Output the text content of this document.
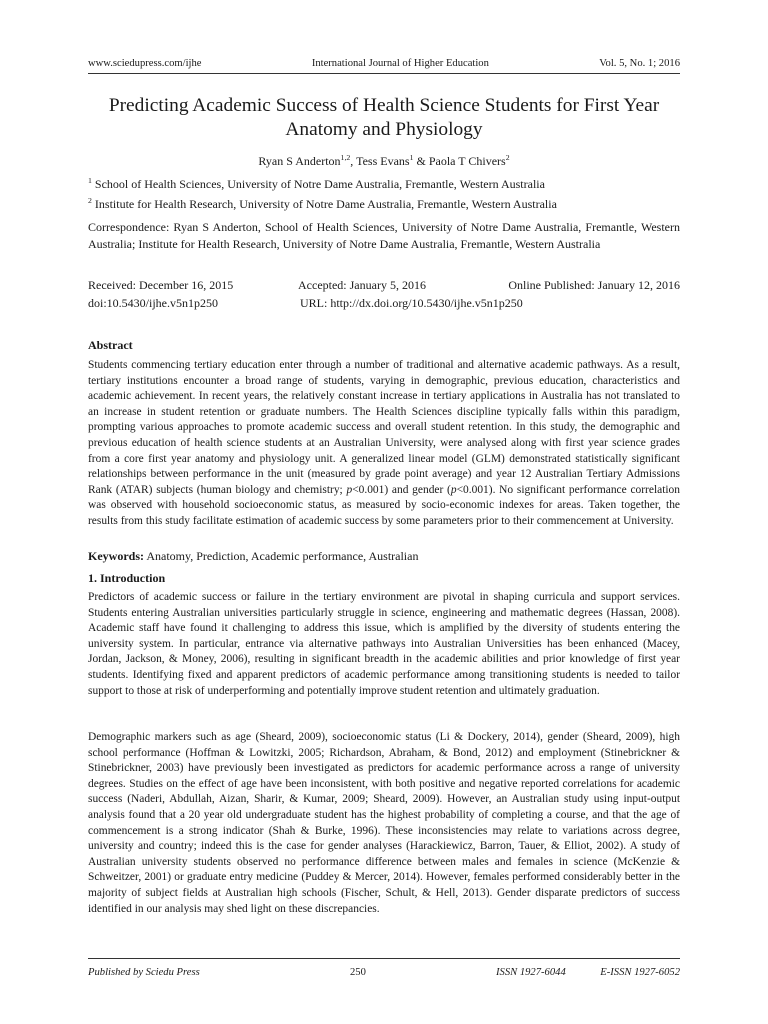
www.sciedupress.com/ijhe	International Journal of Higher Education	Vol. 5, No. 1; 2016
Predicting Academic Success of Health Science Students for First Year
Anatomy and Physiology
Ryan S Anderton$^{1,2}$, Tess Evans$^1$ & Paola T Chivers$^2$
$^1$ School of Health Sciences, University of Notre Dame Australia, Fremantle, Western Australia
$^2$ Institute for Health Research, University of Notre Dame Australia, Fremantle, Western Australia
Correspondence: Ryan S Anderton, School of Health Sciences, University of Notre Dame Australia, Fremantle, Western Australia; Institute for Health Research, University of Notre Dame Australia, Fremantle, Western Australia
Received: December 16, 2015	Accepted: January 5, 2016	Online Published: January 12, 2016
doi:10.5430/ijhe.v5n1p250	URL: http://dx.doi.org/10.5430/ijhe.v5n1p250
Abstract

Students commencing tertiary education enter through a number of traditional and alternative academic pathways. As a result, tertiary institutions encounter a broad range of students, varying in demographic, previous education, characteristics and academic achievement. In recent years, the relatively constant increase in tertiary applications in Australia has not translated to an increase in student retention or graduate numbers. The Health Sciences discipline typically falls within this paradigm, prompting various approaches to promote academic success and overall student retention. In this study, the demographic and previous education of health science students at an Australian University, were analysed along with first year science grades from a core first year anatomy and physiology unit. A generalized linear model (GLM) demonstrated statistically significant relationships between performance in the unit (measured by grade point average) and year 12 Australian Tertiary Admissions Rank (ATAR) subjects (human biology and chemistry; p<0.001) and gender (p<0.001). No significant performance correlation was observed with household socioeconomic status, as measured by socio-economic indexes for areas. Taken together, the results from this study facilitate estimation of academic success by some parameters prior to their commencement at University.

Keywords: Anatomy, Prediction, Academic performance, Australian
1. Introduction

Predictors of academic success or failure in the tertiary environment are pivotal in shaping curricula and support services. Students entering Australian universities particularly struggle in science, engineering and mathematic degrees (Hassan, 2008). Academic staff have found it challenging to address this issue, which is amplified by the diversity of students entering the university system. In particular, entrance via alternative pathways into Australian Universities has been enhanced (Macey, Jordan, Jackson, & Money, 2006), resulting in significant breadth in the academic abilities and prior knowledge of first year students. Identifying fixed and apparent predictors of academic performance among transitioning students is needed to tailor support to those at risk of underperforming and potentially improve student retention and ultimately graduation.

Demographic markers such as age (Sheard, 2009), socioeconomic status (Li & Dockery, 2014), gender (Sheard, 2009), high school performance (Hoffman & Lowitzki, 2005; Richardson, Abraham, & Bond, 2012) and employment (Stinebrickner & Stinebrickner, 2003) have previously been investigated as predictors for academic performance across a range of university degrees. Studies on the effect of age have been inconsistent, with both positive and negative reported correlations for academic success (Naderi, Abdullah, Aizan, Sharir, & Kumar, 2009; Sheard, 2009). However, an Australian study using input-output analysis found that a 20 year old undergraduate student has the highest probability of completing a course, and that the age of commencement is a strong indicator (Shah & Burke, 1996). These inconsistencies may relate to variations across degree, university and country; indeed this is the case for gender analyses (Harackiewicz, Barron, Tauer, & Elliot, 2002). A study of Australian university students observed no performance difference between males and females in science (McKenzie & Schweitzer, 2001) or graduate entry medicine (Puddey & Mercer, 2014). However, females performed considerably better in the majority of subject fields at Australian high schools (Fischer, Schult, & Hell, 2013). Gender disparate predictors of success identified in our analysis may shed light on these discrepancies.

Published by Sciedu Press	250	ISSN 1927-6044	E-ISSN 1927-6052
